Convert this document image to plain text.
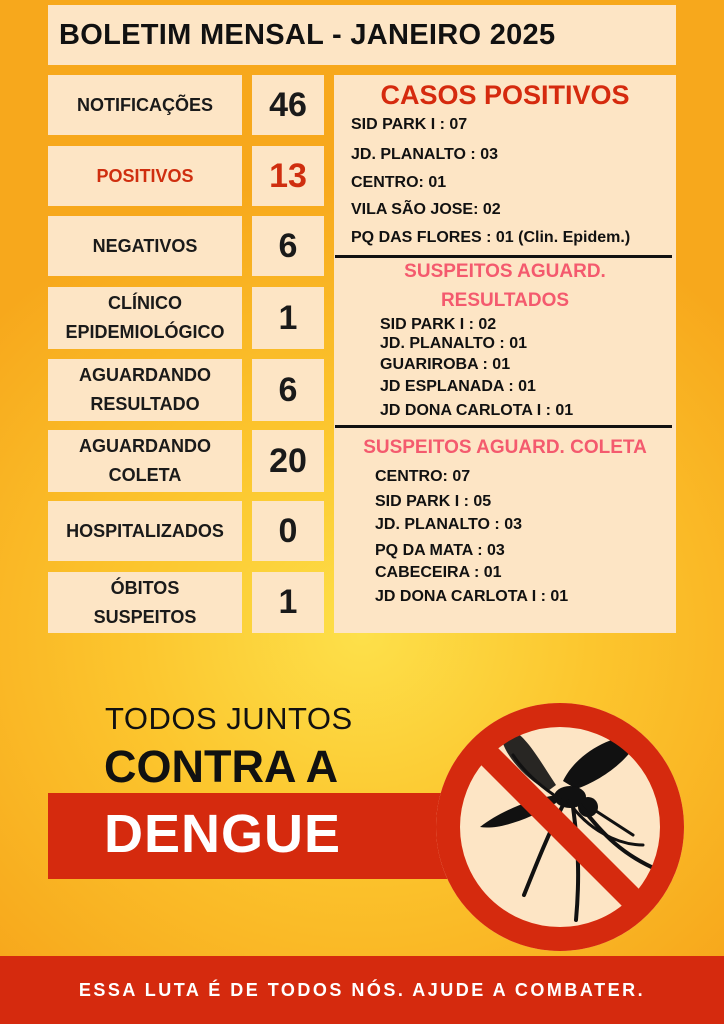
BOLETIM MENSAL - JANEIRO 2025
NOTIFICAÇÕES	46
POSITIVOS	13
NEGATIVOS	6
CLÍNICO
EPIDEMIOLÓGICO	1
AGUARDANDO
RESULTADO	6
AGUARDANDO
COLETA	20
HOSPITALIZADOS	0
ÓBITOS
SUSPEITOS	1
CASOS POSITIVOS
SID PARK I : 07
JD. PLANALTO : 03
CENTRO: 01
VILA SÃO JOSE: 02
PQ DAS FLORES : 01 (Clin. Epidem.)
SUSPEITOS AGUARD.
RESULTADOS
SID PARK I : 02
JD. PLANALTO : 01
GUARIROBA : 01
JD ESPLANADA : 01
JD DONA CARLOTA I : 01
SUSPEITOS AGUARD. COLETA
CENTRO: 07
SID PARK I : 05
JD. PLANALTO : 03
PQ DA MATA : 03
CABECEIRA : 01
JD DONA CARLOTA I : 01
TODOS JUNTOS
CONTRA A
DENGUE
ESSA LUTA É DE TODOS NÓS. AJUDE A COMBATER.
